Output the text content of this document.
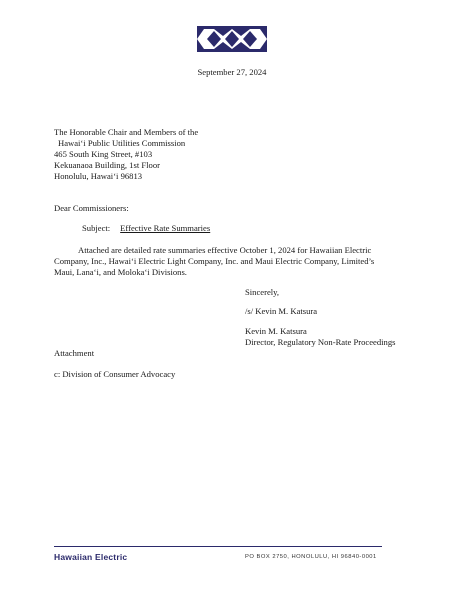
September 27, 2024
The Honorable Chair and Members of the
Hawai‘i Public Utilities Commission
465 South King Street, #103
Kekuanaoa Building, 1st Floor
Honolulu, Hawai‘i 96813
Dear Commissioners:
Subject: Effective Rate Summaries
Attached are detailed rate summaries effective October 1, 2024 for Hawaiian Electric
Company, Inc., Hawai‘i Electric Light Company, Inc. and Maui Electric Company, Limited’s
Maui, Lana‘i, and Moloka‘i Divisions.
Sincerely,
/s/ Kevin M. Katsura
Kevin M. Katsura
Director, Regulatory Non-Rate Proceedings
Attachment
c: Division of Consumer Advocacy
Hawaiian Electric	PO BOX 2750, HONOLULU, HI 96840-0001
